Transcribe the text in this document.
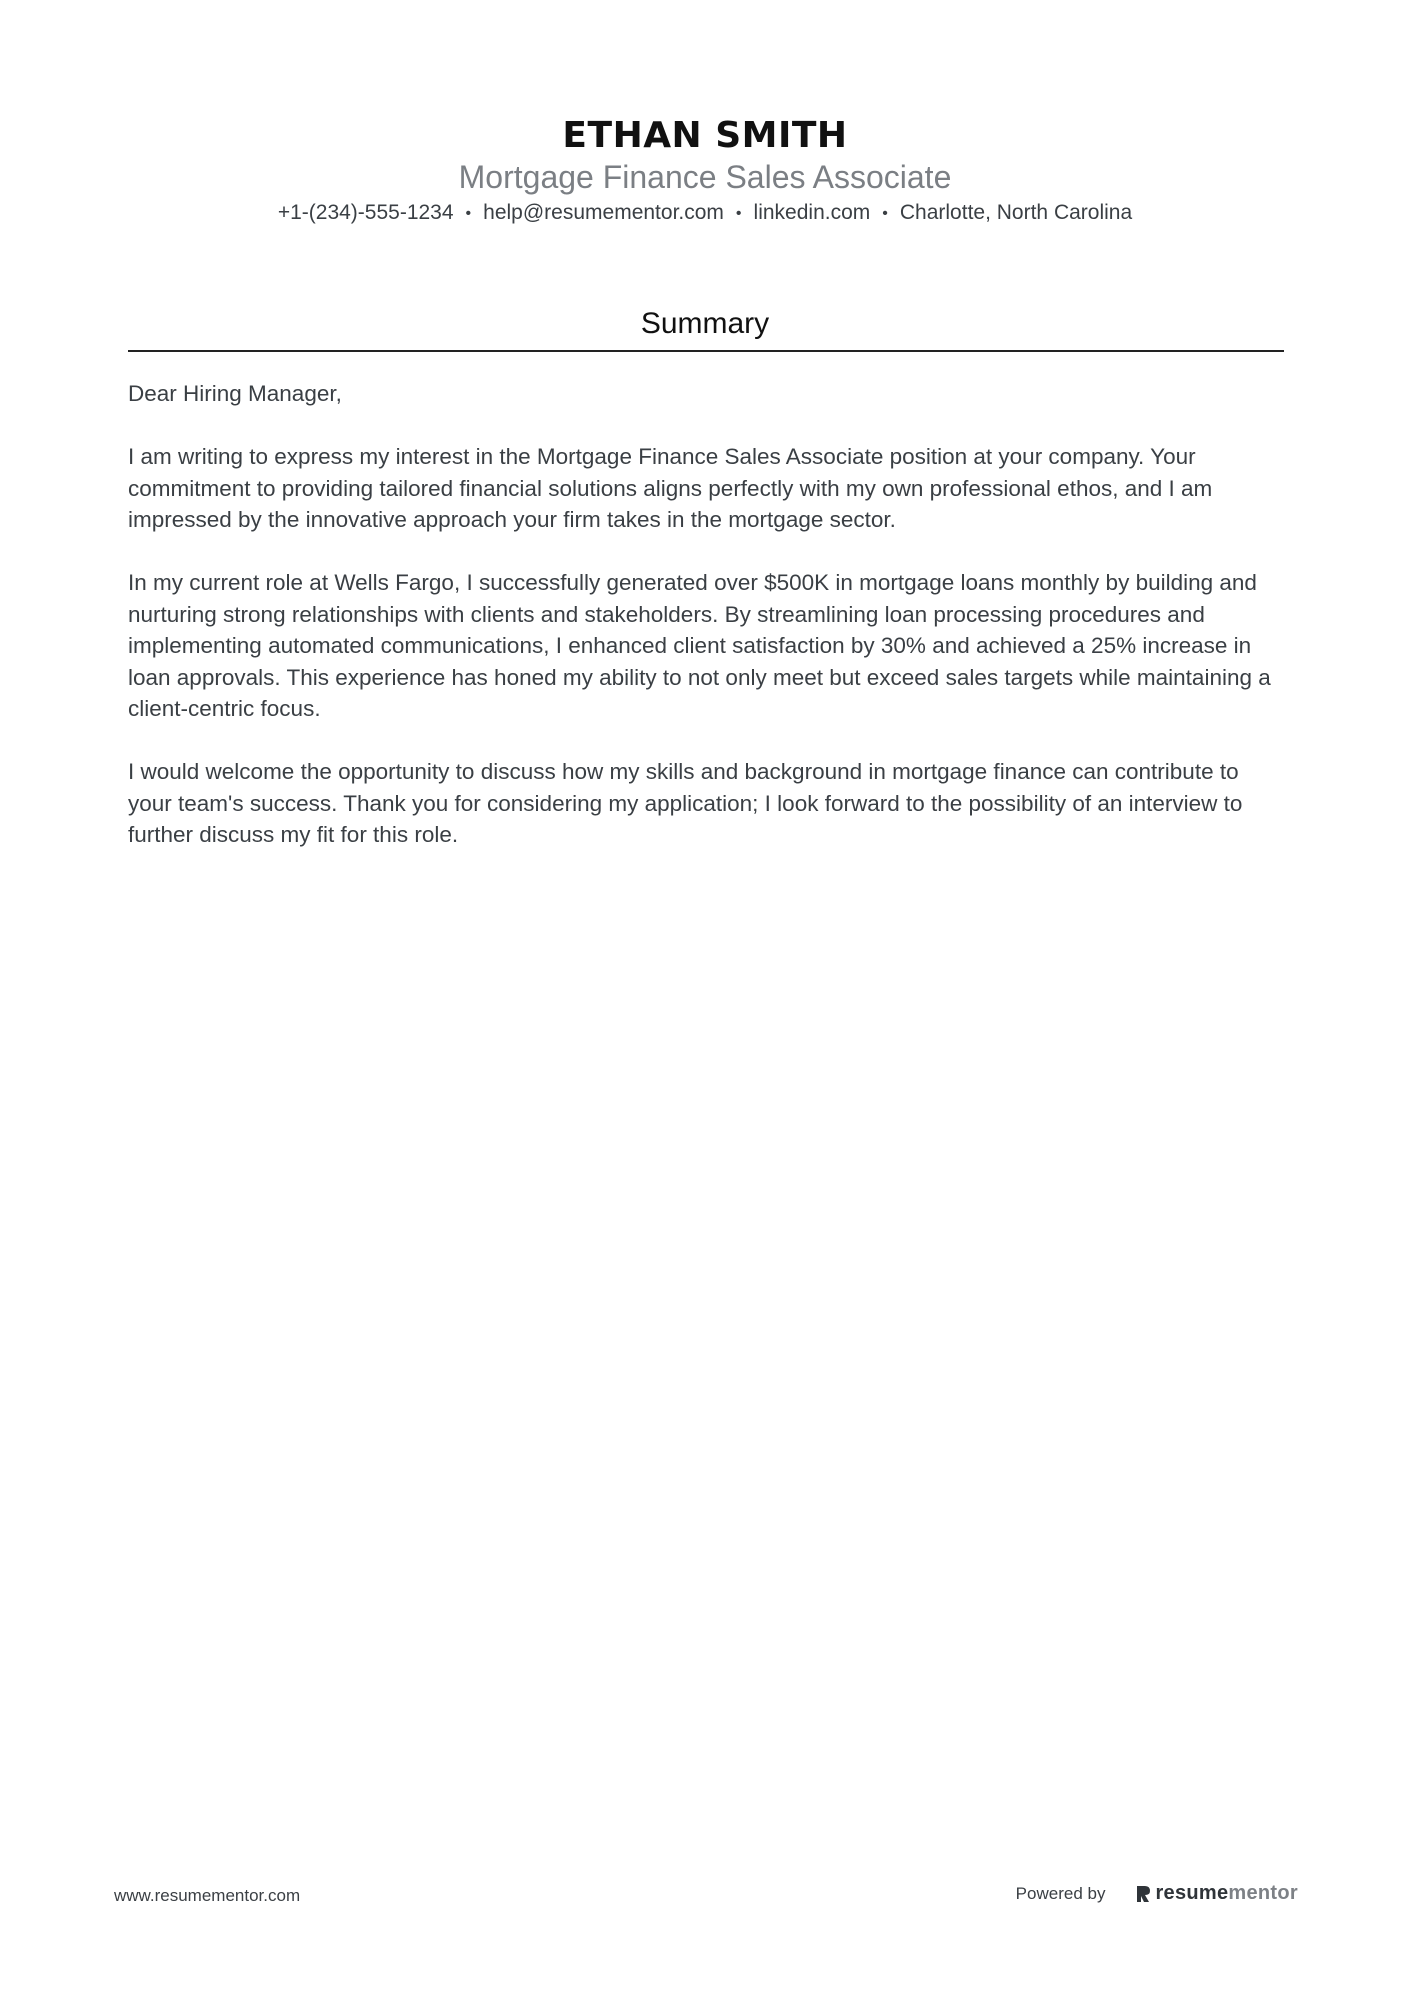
ETHAN SMITH
Mortgage Finance Sales Associate
+1-(234)-555-1234 • help@resumementor.com • linkedin.com • Charlotte, North Carolina
Summary

Dear Hiring Manager,

I am writing to express my interest in the Mortgage Finance Sales Associate position at your company. Your commitment to providing tailored financial solutions aligns perfectly with my own professional ethos, and I am impressed by the innovative approach your firm takes in the mortgage sector.

In my current role at Wells Fargo, I successfully generated over $500K in mortgage loans monthly by building and nurturing strong relationships with clients and stakeholders. By streamlining loan processing procedures and implementing automated communications, I enhanced client satisfaction by 30% and achieved a 25% increase in loan approvals. This experience has honed my ability to not only meet but exceed sales targets while maintaining a client-centric focus.

I would welcome the opportunity to discuss how my skills and background in mortgage finance can contribute to your team's success. Thank you for considering my application; I look forward to the possibility of an interview to further discuss my fit for this role.

www.resumementor.com	Powered by	resume mentor
